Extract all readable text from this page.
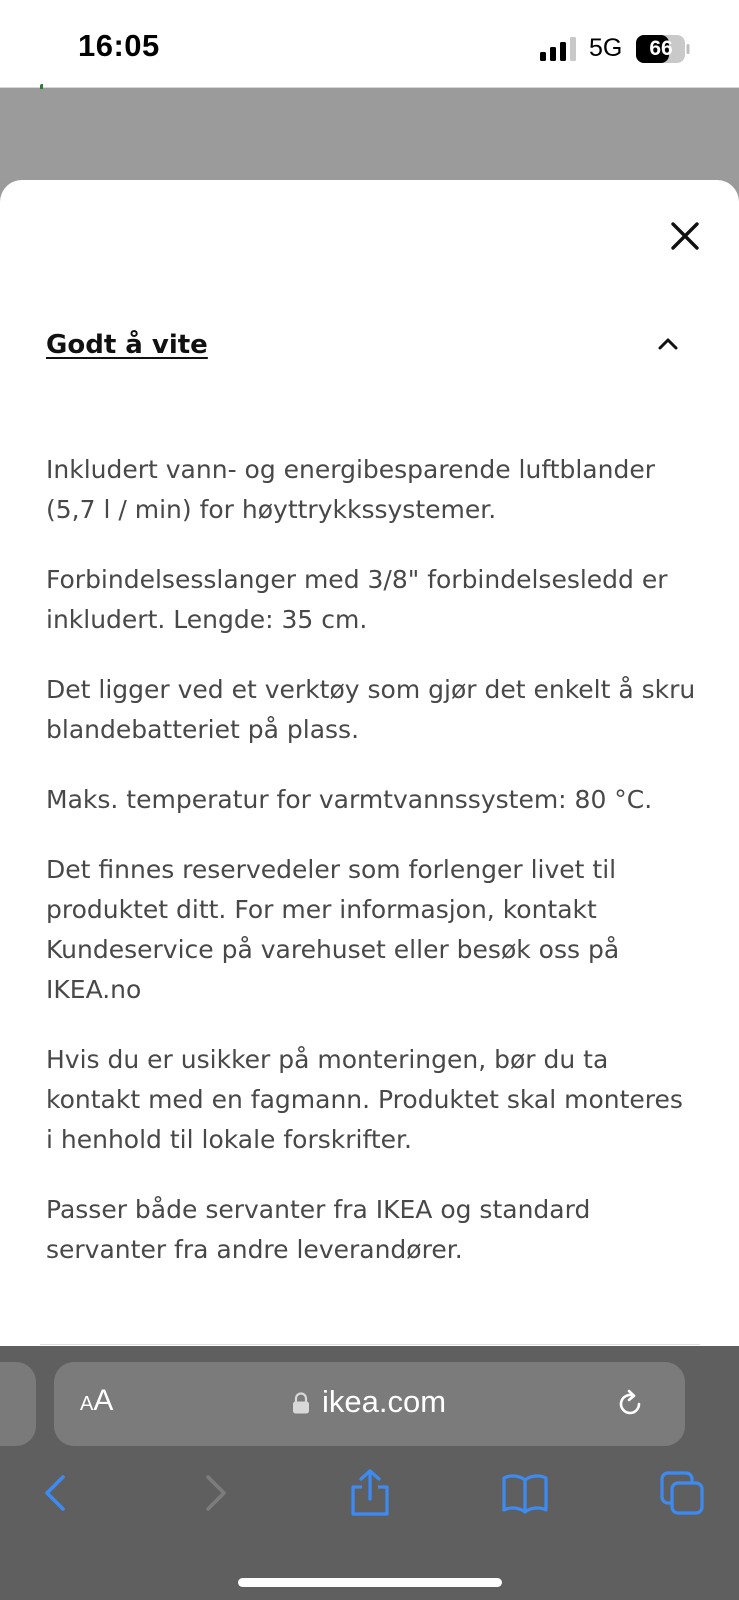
16:05	5G	66
Godt å vite

Inkludert vann- og energibesparende luftblander (5,7 l / min) for høyttrykkssystemer.

Forbindelsesslanger med 3/8" forbindelsesledd er inkludert. Lengde: 35 cm.

Det ligger ved et verktøy som gjør det enkelt å skru blandebatteriet på plass.

Maks. temperatur for varmtvannssystem: 80 °C.

Det finnes reservedeler som forlenger livet til produktet ditt. For mer informasjon, kontakt Kundeservice på varehuset eller besøk oss på IKEA.no

Hvis du er usikker på monteringen, bør du ta kontakt med en fagmann. Produktet skal monteres i henhold til lokale forskrifter.

Passer både servanter fra IKEA og standard servanter fra andre leverandører.

AA	ikea.com
